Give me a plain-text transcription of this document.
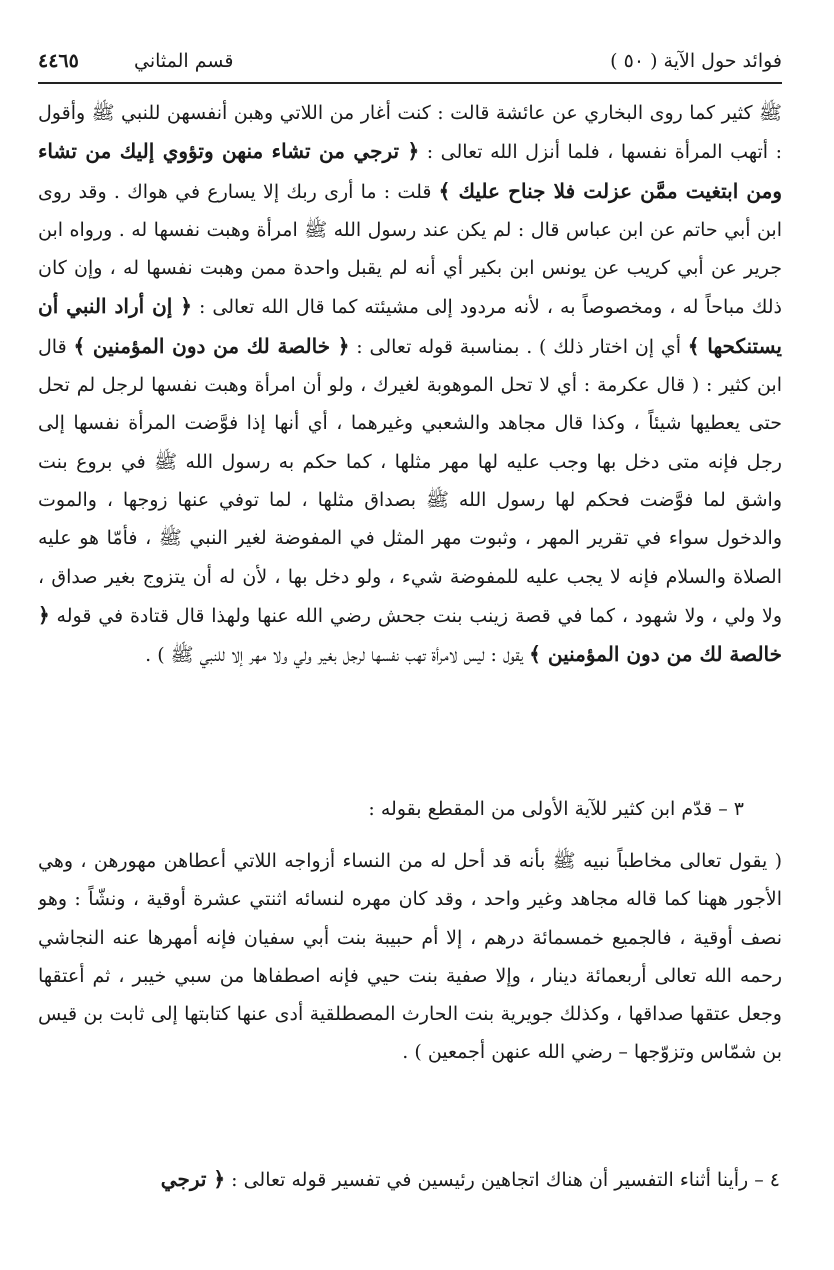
فوائد حول الآية ( ٥٠ )
قسم المثاني
٤٤٦٥

ﷺ كثير كما روى البخاري عن عائشة قالت : كنت أغار من اللاتي وهبن أنفسهن للنبي ﷺ وأقول : أتهب المرأة نفسها ، فلما أنزل الله تعالى : ﴿ ترجي من تشاء منهن وتؤوي إليك من تشاء ومن ابتغيت ممَّن عزلت فلا جناح عليك ﴾ قلت : ما أرى ربك إلا يسارع في هواك . وقد روى ابن أبي حاتم عن ابن عباس قال : لم يكن عند رسول الله ﷺ امرأة وهبت نفسها له . ورواه ابن جرير عن أبي كريب عن يونس ابن بكير أي أنه لم يقبل واحدة ممن وهبت نفسها له ، وإن كان ذلك مباحاً له ، ومخصوصاً به ، لأنه مردود إلى مشيئته كما قال الله تعالى : ﴿ إن أراد النبي أن يستنكحها ﴾ أي إن اختار ذلك ) . بمناسبة قوله تعالى : ﴿ خالصة لك من دون المؤمنين ﴾ قال ابن كثير : ( قال عكرمة : أي لا تحل الموهوبة لغيرك ، ولو أن امرأة وهبت نفسها لرجل لم تحل حتى يعطيها شيئاً ، وكذا قال مجاهد والشعبي وغيرهما ، أي أنها إذا فوَّضت المرأة نفسها إلى رجل فإنه متى دخل بها وجب عليه لها مهر مثلها ، كما حكم به رسول الله ﷺ في بروع بنت واشق لما فوَّضت فحكم لها رسول الله ﷺ بصداق مثلها ، لما توفي عنها زوجها ، والموت والدخول سواء في تقرير المهر ، وثبوت مهر المثل في المفوضة لغير النبي ﷺ ، فأمّا هو عليه الصلاة والسلام فإنه لا يجب عليه للمفوضة شيء ، ولو دخل بها ، لأن له أن يتزوج بغير صداق ، ولا ولي ، ولا شهود ، كما في قصة زينب بنت جحش رضي الله عنها ولهذا قال قتادة في قوله ﴿ خالصة لك من دون المؤمنين ﴾ يقول : ليس لامرأة تهب نفسها لرجل بغير ولي ولا مهر إلا للنبي ﷺ ) .

٣ – قدّم ابن كثير للآية الأولى من المقطع بقوله :

( يقول تعالى مخاطباً نبيه ﷺ بأنه قد أحل له من النساء أزواجه اللاتي أعطاهن مهورهن ، وهي الأجور ههنا كما قاله مجاهد وغير واحد ، وقد كان مهره لنسائه اثنتي عشرة أوقية ، ونشّاً : وهو نصف أوقية ، فالجميع خمسمائة درهم ، إلا أم حبيبة بنت أبي سفيان فإنه أمهرها عنه النجاشي رحمه الله تعالى أربعمائة دينار ، وإلا صفية بنت حيي فإنه اصطفاها من سبي خيبر ، ثم أعتقها وجعل عتقها صداقها ، وكذلك جويرية بنت الحارث المصطلقية أدى عنها كتابتها إلى ثابت بن قيس بن شمّاس وتزوّجها – رضي الله عنهن أجمعين ) .

٤ – رأينا أثناء التفسير أن هناك اتجاهين رئيسين في تفسير قوله تعالى : ﴿ ترجي
